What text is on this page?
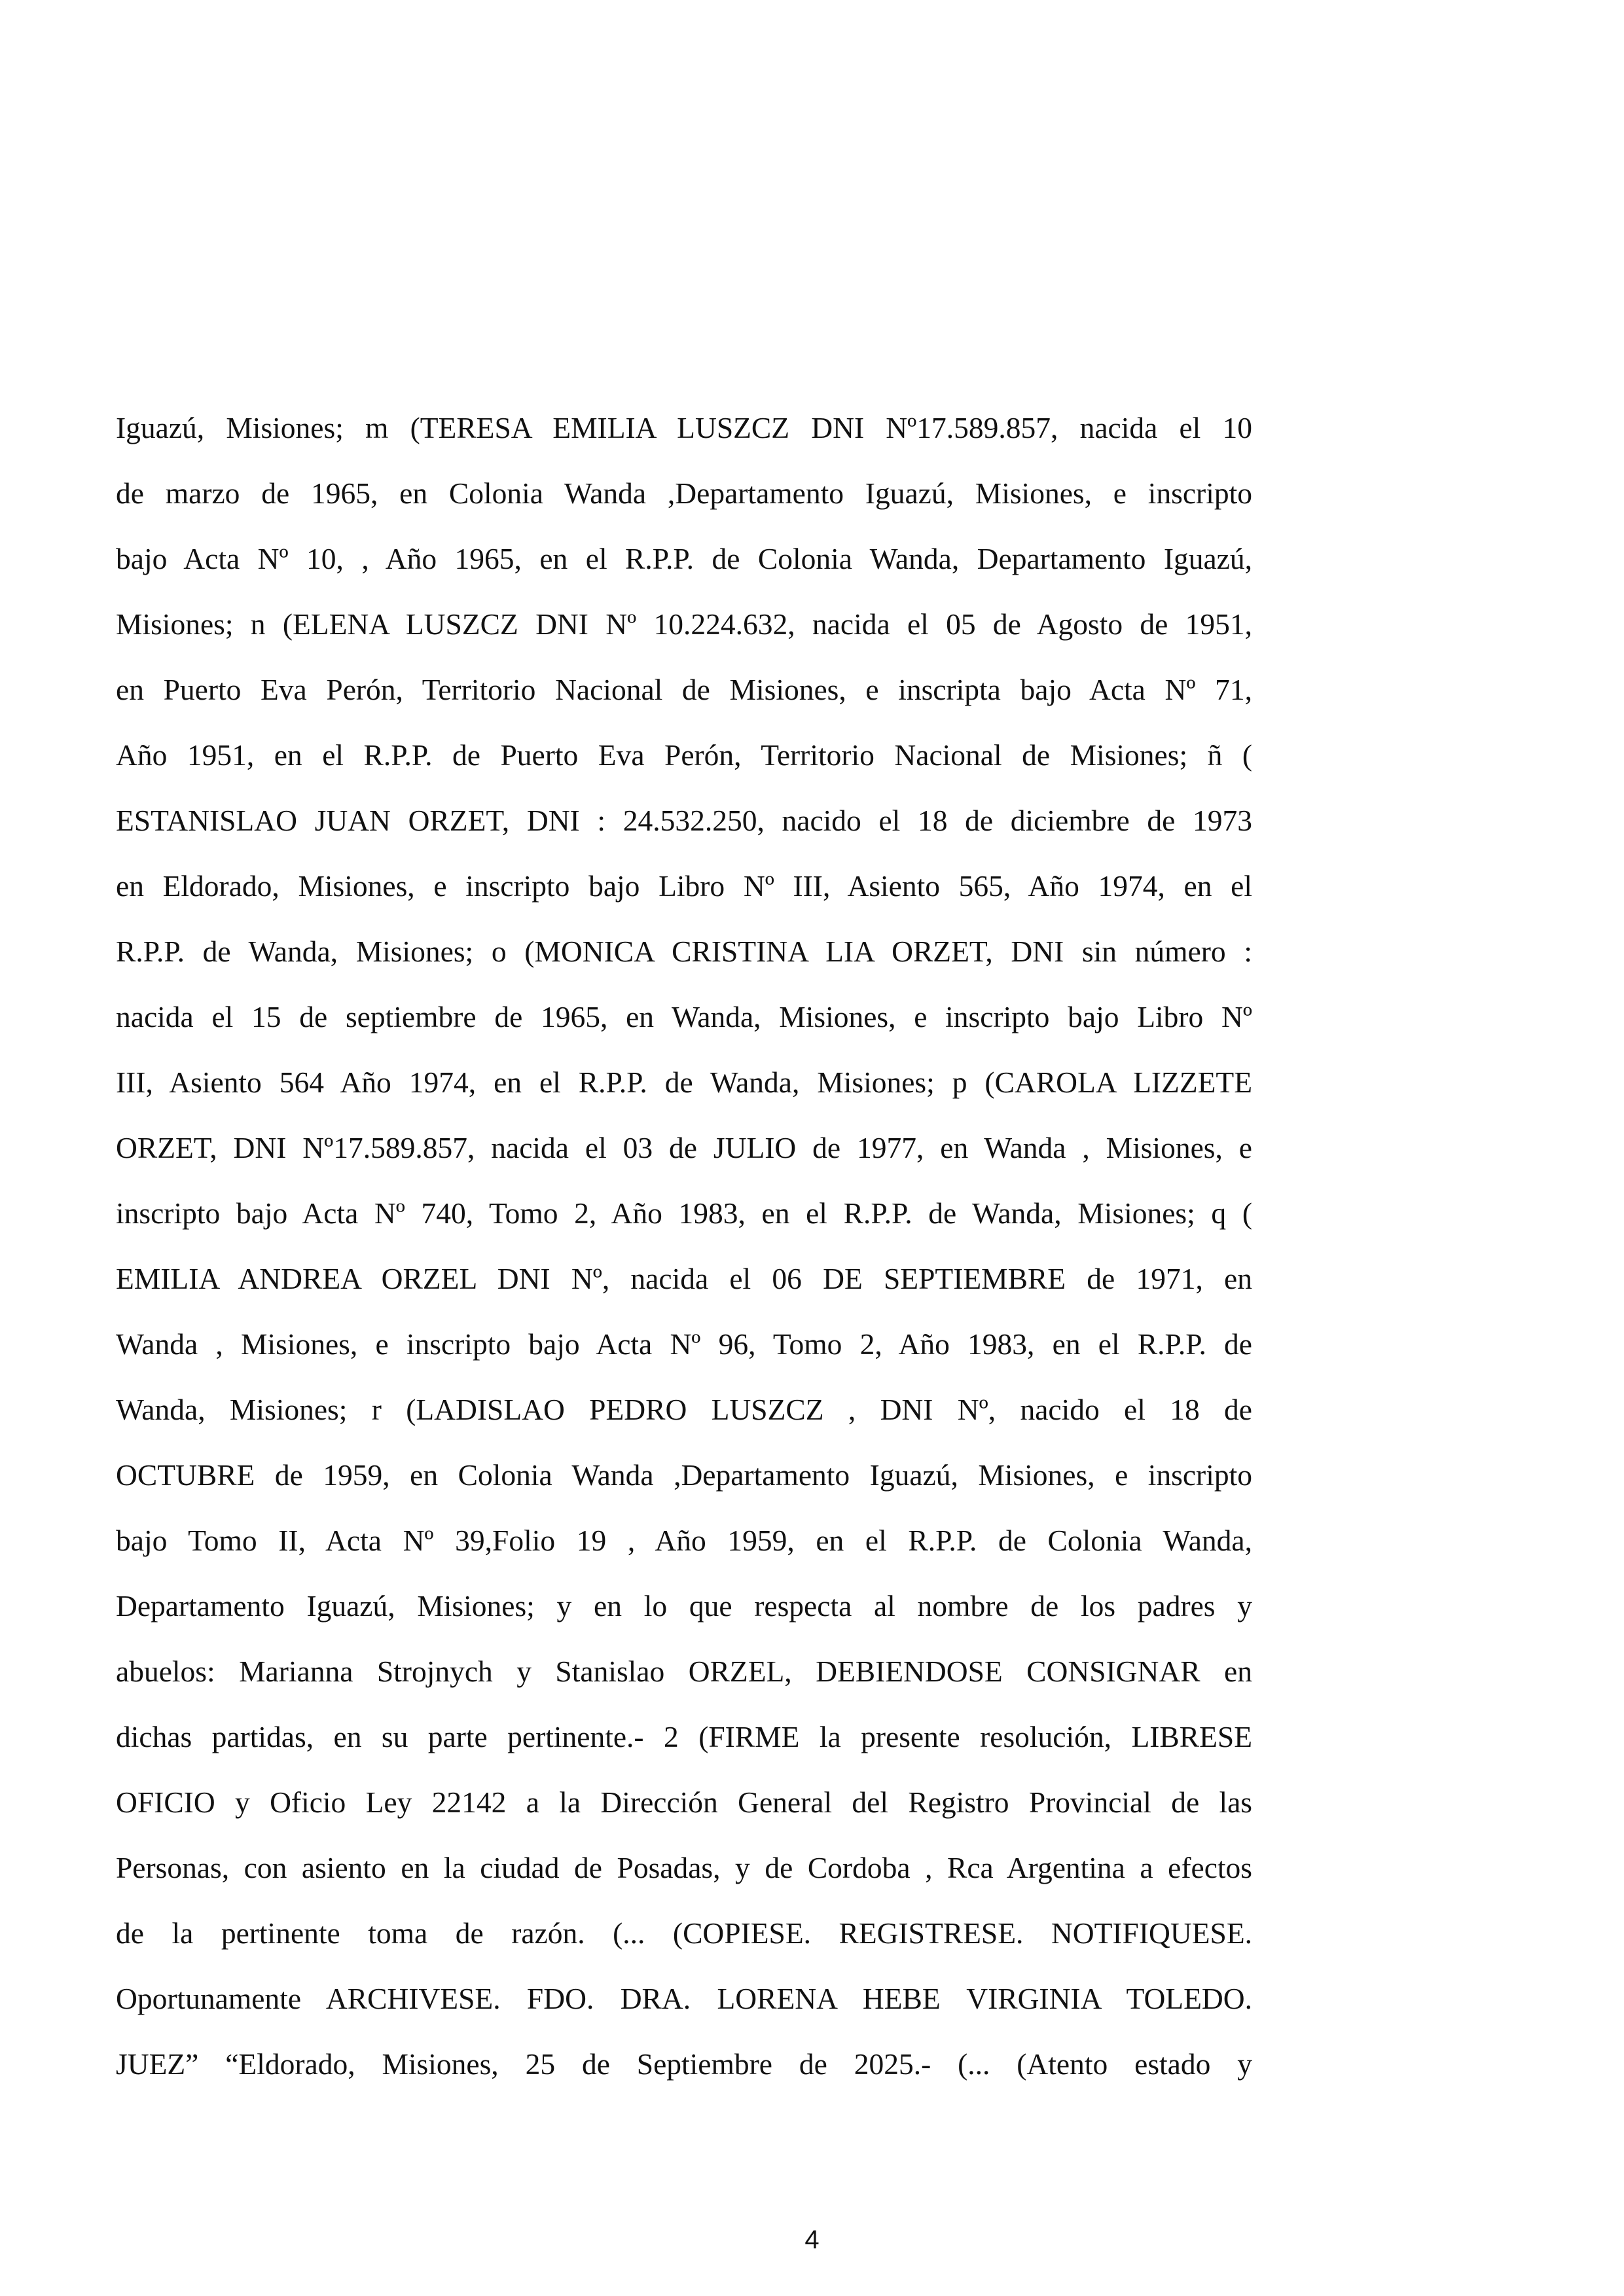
Iguazú, Misiones; m (TERESA EMILIA LUSZCZ DNI Nº17.589.857, nacida el 10
de marzo de 1965, en Colonia Wanda ,Departamento Iguazú, Misiones, e inscripto
bajo Acta Nº 10, , Año 1965, en el R.P.P. de Colonia Wanda, Departamento Iguazú,
Misiones; n (ELENA LUSZCZ DNI Nº 10.224.632, nacida el 05 de Agosto de 1951,
en Puerto Eva Perón, Territorio Nacional de Misiones, e inscripta bajo Acta Nº 71,
Año 1951, en el R.P.P. de Puerto Eva Perón, Territorio Nacional de Misiones; ñ (
ESTANISLAO JUAN ORZET, DNI : 24.532.250, nacido el 18 de diciembre de 1973
en Eldorado, Misiones, e inscripto bajo Libro Nº III, Asiento 565, Año 1974, en el
R.P.P. de Wanda, Misiones; o (MONICA CRISTINA LIA ORZET, DNI sin número :
nacida el 15 de septiembre de 1965, en Wanda, Misiones, e inscripto bajo Libro Nº
III, Asiento 564 Año 1974, en el R.P.P. de Wanda, Misiones; p (CAROLA LIZZETE
ORZET, DNI Nº17.589.857, nacida el 03 de JULIO de 1977, en Wanda , Misiones, e
inscripto bajo Acta Nº 740, Tomo 2, Año 1983, en el R.P.P. de Wanda, Misiones; q (
EMILIA ANDREA ORZEL DNI Nº, nacida el 06 DE SEPTIEMBRE de 1971, en
Wanda , Misiones, e inscripto bajo Acta Nº 96, Tomo 2, Año 1983, en el R.P.P. de
Wanda, Misiones; r (LADISLAO PEDRO LUSZCZ , DNI Nº, nacido el 18 de
OCTUBRE de 1959, en Colonia Wanda ,Departamento Iguazú, Misiones, e inscripto
bajo Tomo II, Acta Nº 39,Folio 19 , Año 1959, en el R.P.P. de Colonia Wanda,
Departamento Iguazú, Misiones; y en lo que respecta al nombre de los padres y
abuelos: Marianna Strojnych y Stanislao ORZEL, DEBIENDOSE CONSIGNAR en
dichas partidas, en su parte pertinente.- 2 (FIRME la presente resolución, LIBRESE
OFICIO y Oficio Ley 22142 a la Dirección General del Registro Provincial de las
Personas, con asiento en la ciudad de Posadas, y de Cordoba , Rca Argentina a efectos
de la pertinente toma de razón. (... (COPIESE. REGISTRESE. NOTIFIQUESE.
Oportunamente ARCHIVESE. FDO. DRA. LORENA HEBE VIRGINIA TOLEDO.
JUEZ” “Eldorado, Misiones, 25 de Septiembre de 2025.- (... (Atento estado y
4
